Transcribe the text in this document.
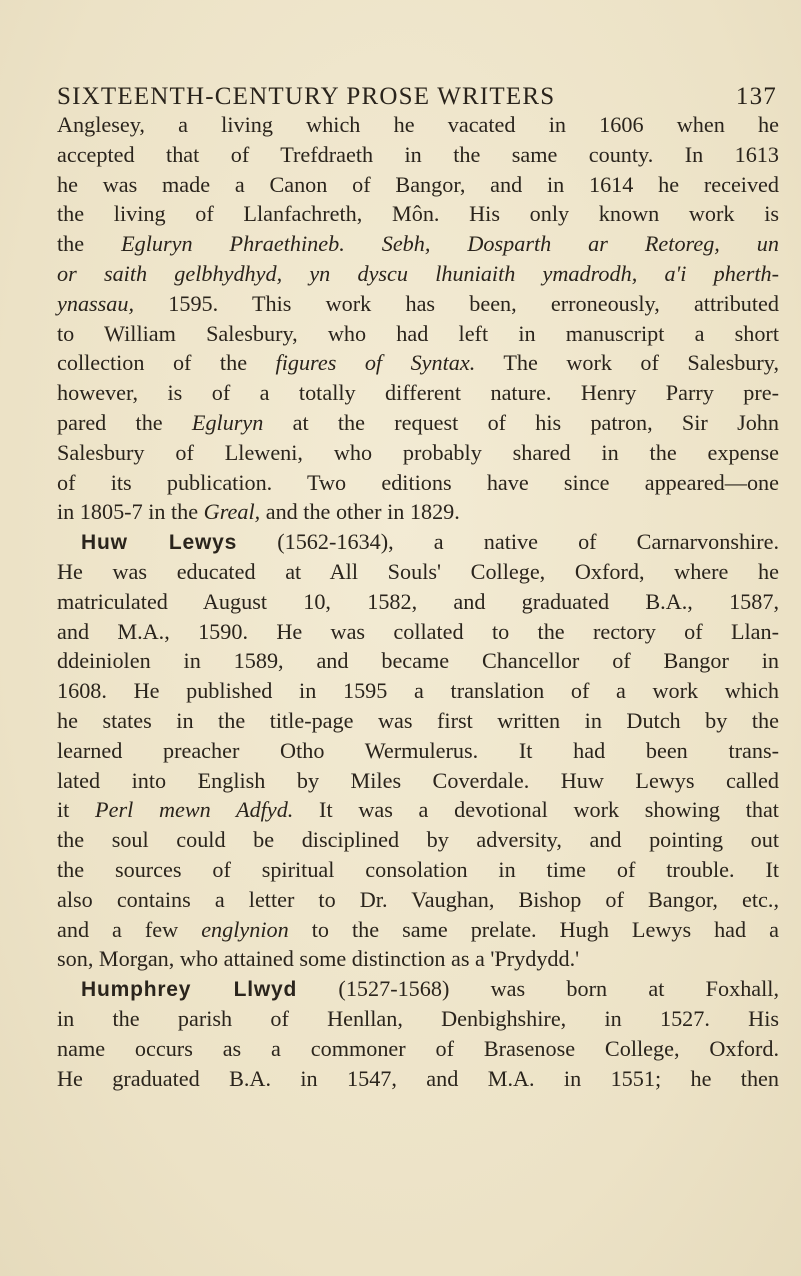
SIXTEENTH-CENTURY PROSE WRITERS	137
Anglesey, a living which he vacated in 1606 when he
accepted that of Trefdraeth in the same county. In 1613
he was made a Canon of Bangor, and in 1614 he received
the living of Llanfachreth, Môn. His only known work is
the Egluryn Phraethineb. Sebh, Dosparth ar Retoreg, un
or saith gelbhydhyd, yn dyscu lhuniaith ymadrodh, a'i pherth-
ynassau, 1595. This work has been, erroneously, attributed
to William Salesbury, who had left in manuscript a short
collection of the figures of Syntax. The work of Salesbury,
however, is of a totally different nature. Henry Parry pre-
pared the Egluryn at the request of his patron, Sir John
Salesbury of Lleweni, who probably shared in the expense
of its publication. Two editions have since appeared—one
in 1805-7 in the Greal, and the other in 1829.
Huw Lewys (1562-1634), a native of Carnarvonshire.
He was educated at All Souls' College, Oxford, where he
matriculated August 10, 1582, and graduated B.A., 1587,
and M.A., 1590. He was collated to the rectory of Llan-
ddeiniolen in 1589, and became Chancellor of Bangor in
1608. He published in 1595 a translation of a work which
he states in the title-page was first written in Dutch by the
learned preacher Otho Wermulerus. It had been trans-
lated into English by Miles Coverdale. Huw Lewys called
it Perl mewn Adfyd. It was a devotional work showing that
the soul could be disciplined by adversity, and pointing out
the sources of spiritual consolation in time of trouble. It
also contains a letter to Dr. Vaughan, Bishop of Bangor, etc.,
and a few englynion to the same prelate. Hugh Lewys had a
son, Morgan, who attained some distinction as a 'Prydydd.'
Humphrey Llwyd (1527-1568) was born at Foxhall,
in the parish of Henllan, Denbighshire, in 1527. His
name occurs as a commoner of Brasenose College, Oxford.
He graduated B.A. in 1547, and M.A. in 1551; he then
